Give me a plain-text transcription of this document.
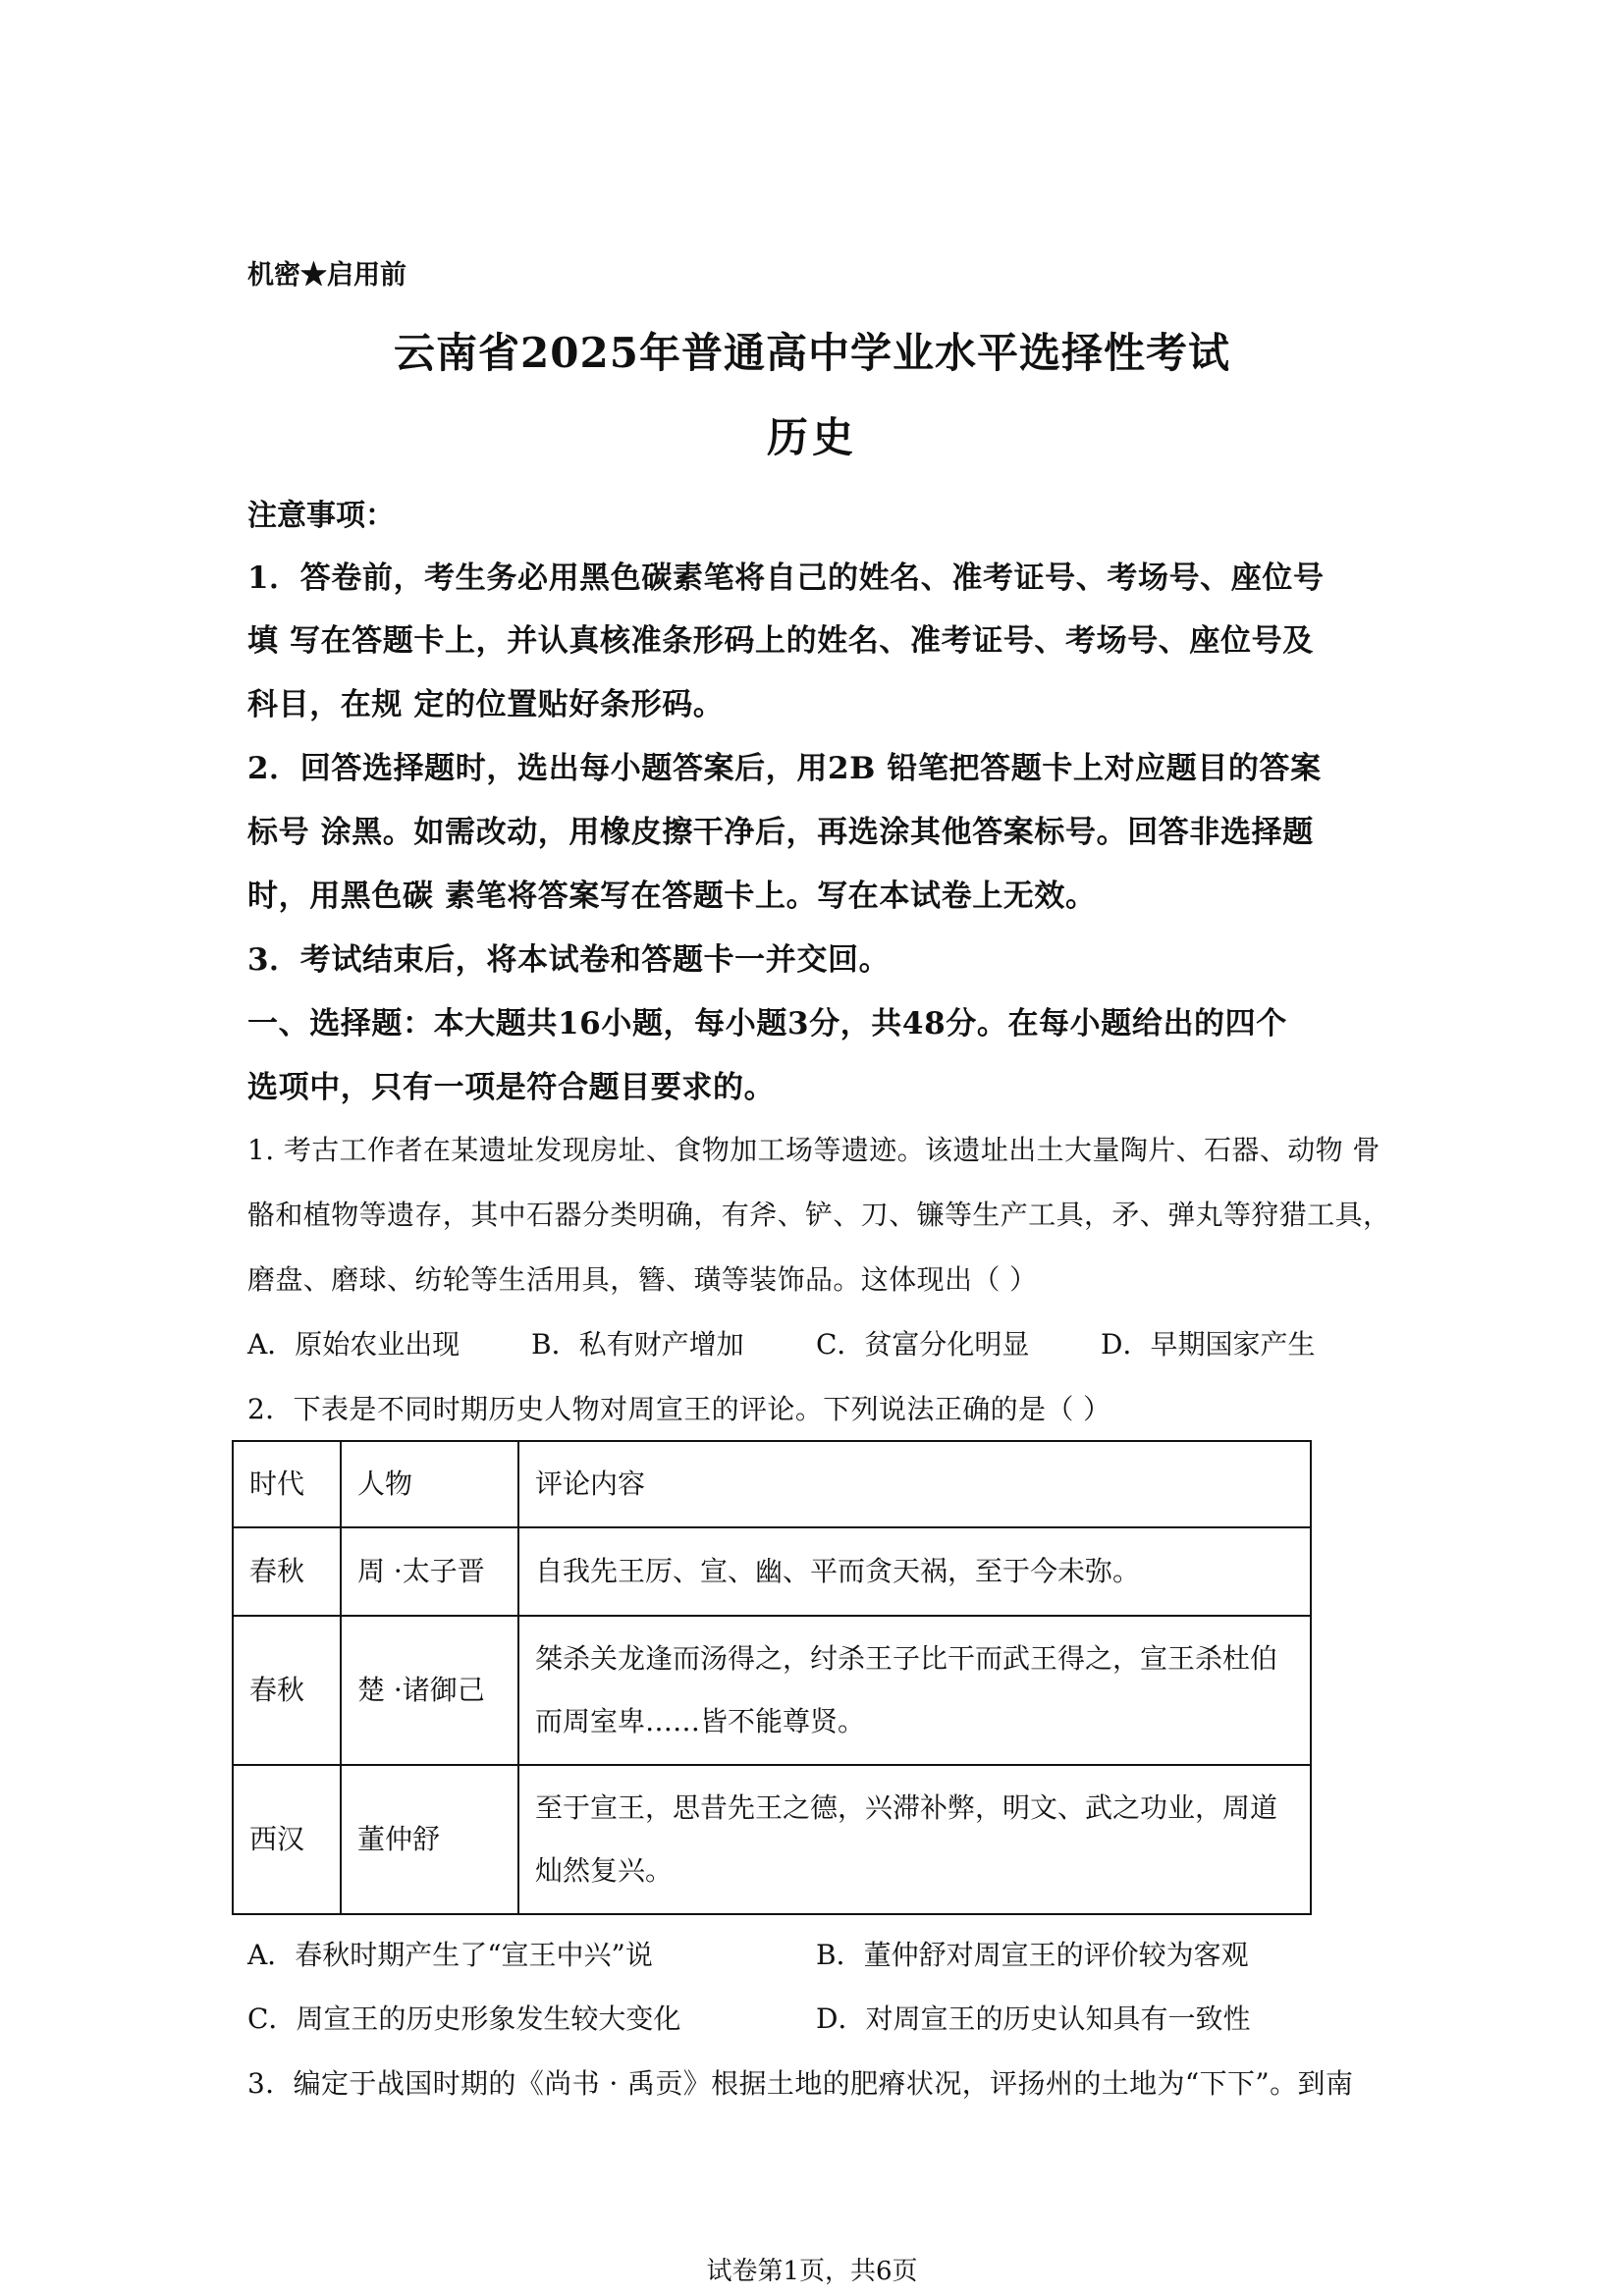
机密★启用前
云南省2025年普通高中学业水平选择性考试
历史
注意事项：
1．答卷前，考生务必用黑色碳素笔将自己的姓名、准考证号、考场号、座位号
填 写在答题卡上，并认真核准条形码上的姓名、准考证号、考场号、座位号及
科目，在规 定的位置贴好条形码。
2．回答选择题时，选出每小题答案后，用2B 铅笔把答题卡上对应题目的答案
标号 涂黑。如需改动，用橡皮擦干净后，再选涂其他答案标号。回答非选择题
时，用黑色碳 素笔将答案写在答题卡上。写在本试卷上无效。
3．考试结束后，将本试卷和答题卡一并交回。
一、选择题：本大题共16小题，每小题3分，共48分。在每小题给出的四个
选项中，只有一项是符合题目要求的。
1. 考古工作者在某遗址发现房址、食物加工场等遗迹。该遗址出土大量陶片、石器、动物 骨
骼和植物等遗存，其中石器分类明确，有斧、铲、刀、镰等生产工具，矛、弹丸等狩猎工具，
磨盘、磨球、纺轮等生活用具，簪、璜等装饰品。这体现出（ ）
A．原始农业出现	B．私有财产增加	C．贫富分化明显	D．早期国家产生
2．下表是不同时期历史人物对周宣王的评论。下列说法正确的是（ ）
时代	人物	评论内容
春秋	周 ·太子晋	自我先王厉、宣、幽、平而贪天祸，至于今未弥。
春秋	楚 ·诸御己	桀杀关龙逢而汤得之，纣杀王子比干而武王得之，宣王杀杜伯而周室卑……皆不能尊贤。
西汉	董仲舒	至于宣王，思昔先王之德，兴滞补弊，明文、武之功业，周道灿然复兴。
A．春秋时期产生了“宣王中兴”说	B．董仲舒对周宣王的评价较为客观
C．周宣王的历史形象发生较大变化	D．对周宣王的历史认知具有一致性
3．编定于战国时期的《尚书 · 禹贡》根据土地的肥瘠状况，评扬州的土地为“下下”。到南
试卷第1页，共6页
